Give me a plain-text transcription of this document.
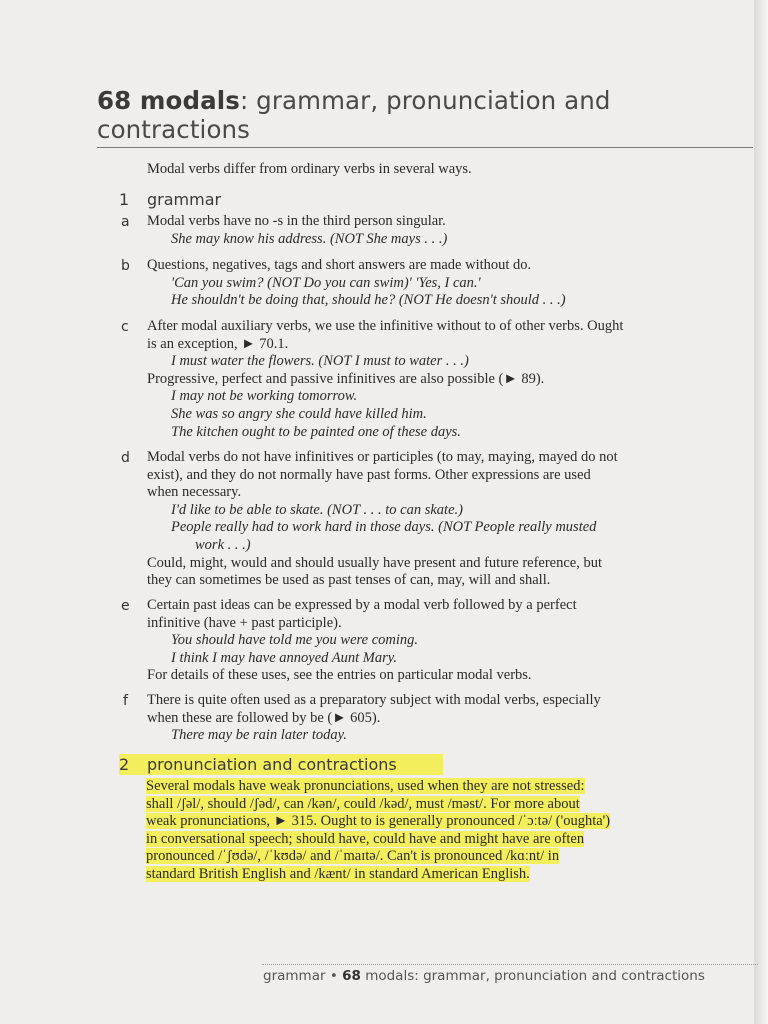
68 modals: grammar, pronunciation and
contractions
Modal verbs differ from ordinary verbs in several ways.
1 grammar
a Modal verbs have no -s in the third person singular.
She may know his address. (NOT She mays . . .)
b Questions, negatives, tags and short answers are made without do.
'Can you swim? (NOT Do you can swim)' 'Yes, I can.'
He shouldn't be doing that, should he? (NOT He doesn't should . . .)
c After modal auxiliary verbs, we use the infinitive without to of other verbs. Ought
is an exception, ► 70.1.
I must water the flowers. (NOT I must to water . . .)
Progressive, perfect and passive infinitives are also possible (► 89).
I may not be working tomorrow.
She was so angry she could have killed him.
The kitchen ought to be painted one of these days.
d Modal verbs do not have infinitives or participles (to may, maying, mayed do not
exist), and they do not normally have past forms. Other expressions are used
when necessary.
I'd like to be able to skate. (NOT . . . to can skate.)
People really had to work hard in those days. (NOT People really musted
work . . .)
Could, might, would and should usually have present and future reference, but
they can sometimes be used as past tenses of can, may, will and shall.
e Certain past ideas can be expressed by a modal verb followed by a perfect
infinitive (have + past participle).
You should have told me you were coming.
I think I may have annoyed Aunt Mary.
For details of these uses, see the entries on particular modal verbs.
f There is quite often used as a preparatory subject with modal verbs, especially
when these are followed by be (► 605).
There may be rain later today.
2 pronunciation and contractions
Several modals have weak pronunciations, used when they are not stressed:
shall /ʃəl/, should /ʃəd/, can /kən/, could /kəd/, must /məst/. For more about
weak pronunciations, ► 315. Ought to is generally pronounced /ˈɔːtə/ ('oughta')
in conversational speech; should have, could have and might have are often
pronounced /ˈʃʊdə/, /ˈkʊdə/ and /ˈmaɪtə/. Can't is pronounced /kɑːnt/ in
standard British English and /kænt/ in standard American English.
grammar • 68 modals: grammar, pronunciation and contractions
